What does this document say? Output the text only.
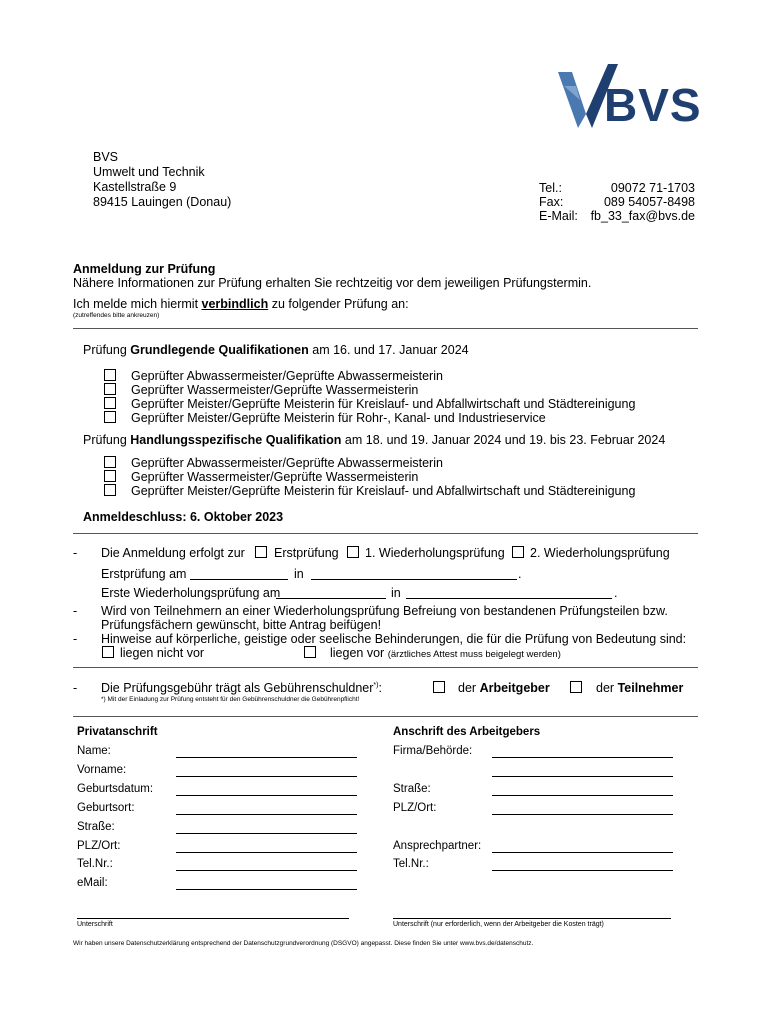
BVS
BVS
Umwelt und Technik
Kastellstraße 9
89415 Lauingen (Donau)
Tel.:	09072 71-1703
Fax:	089 54057-8498
E-Mail: fb_33_fax@bvs.de
Anmeldung zur Prüfung
Nähere Informationen zur Prüfung erhalten Sie rechtzeitig vor dem jeweiligen Prüfungstermin.
Ich melde mich hiermit verbindlich zu folgender Prüfung an:
(zutreffendes bitte ankreuzen)
Prüfung Grundlegende Qualifikationen am 16. und 17. Januar 2024
Geprüfter Abwassermeister/Geprüfte Abwassermeisterin
Geprüfter Wassermeister/Geprüfte Wassermeisterin
Geprüfter Meister/Geprüfte Meisterin für Kreislauf- und Abfallwirtschaft und Städtereinigung
Geprüfter Meister/Geprüfte Meisterin für Rohr-, Kanal- und Industrieservice
Prüfung Handlungsspezifische Qualifikation am 18. und 19. Januar 2024 und 19. bis 23. Februar 2024
Geprüfter Abwassermeister/Geprüfte Abwassermeisterin
Geprüfter Wassermeister/Geprüfte Wassermeisterin
Geprüfter Meister/Geprüfte Meisterin für Kreislauf- und Abfallwirtschaft und Städtereinigung
Anmeldeschluss: 6. Oktober 2023
- Die Anmeldung erfolgt zur Erstprüfung 1. Wiederholungsprüfung 2. Wiederholungsprüfung
Erstprüfung am	in	.
Erste Wiederholungsprüfung am	in	.
- Wird von Teilnehmern an einer Wiederholungsprüfung Befreiung von bestandenen Prüfungsteilen bzw.
Prüfungsfächern gewünscht, bitte Antrag beifügen!
- Hinweise auf körperliche, geistige oder seelische Behinderungen, die für die Prüfung von Bedeutung sind:
liegen nicht vor	liegen vor (ärztliches Attest muss beigelegt werden)
- Die Prüfungsgebühr trägt als Gebührenschuldner*):	der Arbeitgeber	der Teilnehmer
*) Mit der Einladung zur Prüfung entsteht für den Gebührenschuldner die Gebührenpflicht!
Privatanschrift
Name:
Vorname:
Geburtsdatum:
Geburtsort:
Straße:
PLZ/Ort:
Tel.Nr.:
eMail:
Anschrift des Arbeitgebers
Firma/Behörde:
Straße:
PLZ/Ort:
Ansprechpartner:
Tel.Nr.:
Unterschrift	Unterschrift (nur erforderlich, wenn der Arbeitgeber die Kosten trägt)
Wir haben unsere Datenschutzerklärung entsprechend der Datenschutzgrundverordnung (DSGVO) angepasst. Diese finden Sie unter www.bvs.de/datenschutz.
